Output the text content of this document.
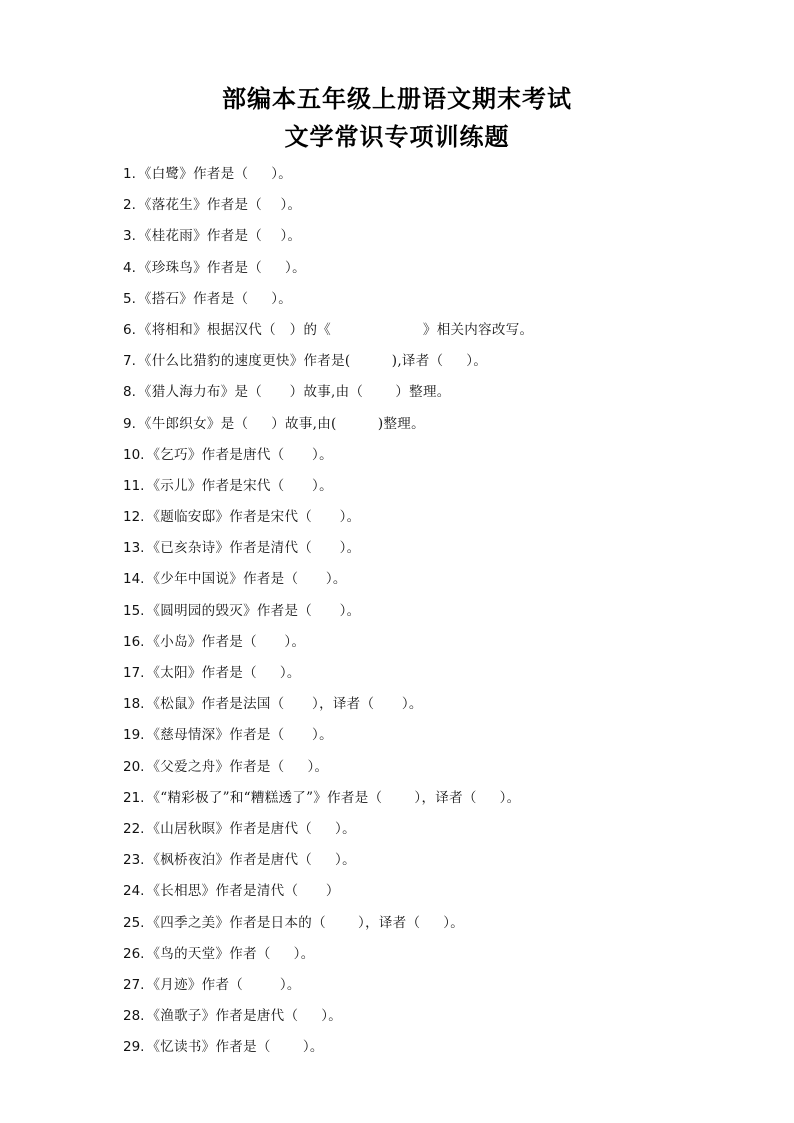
部编本五年级上册语文期末考试
文学常识专项训练题
1. 《白鹭》作者是（     ）。
2. 《落花生》作者是（    ）。
3. 《桂花雨》作者是（    ）。
4. 《珍珠鸟》作者是（     ）。
5. 《搭石》作者是（     ）。
6. 《将相和》根据汉代（   ）的《                    》相关内容改写。
7. 《什么比猎豹的速度更快》作者是(         ),译者（     ）。
8. 《猎人海力布》是（      ）故事,由（       ）整理。
9. 《牛郎织女》是（     ）故事,由(         )整理。
10. 《乞巧》作者是唐代（      ）。
11. 《示儿》作者是宋代（      ）。
12. 《题临安邸》作者是宋代（      ）。
13. 《已亥杂诗》作者是清代（      ）。
14. 《少年中国说》作者是（      ）。
15. 《圆明园的毁灭》作者是（      ）。
16. 《小岛》作者是（      ）。
17. 《太阳》作者是（     ）。
18. 《松鼠》作者是法国（      ），译者（      ）。
19. 《慈母情深》作者是（      ）。
20. 《父爱之舟》作者是（     ）。
21. 《“精彩极了”和“糟糕透了”》作者是（       ），译者（     ）。
22. 《山居秋暝》作者是唐代（     ）。
23. 《枫桥夜泊》作者是唐代（     ）。
24. 《长相思》作者是清代（      ）
25. 《四季之美》作者是日本的（       ），译者（     ）。
26. 《鸟的天堂》作者（     ）。
27. 《月迹》作者（        ）。
28. 《渔歌子》作者是唐代（     ）。
29. 《忆读书》作者是（       ）。
